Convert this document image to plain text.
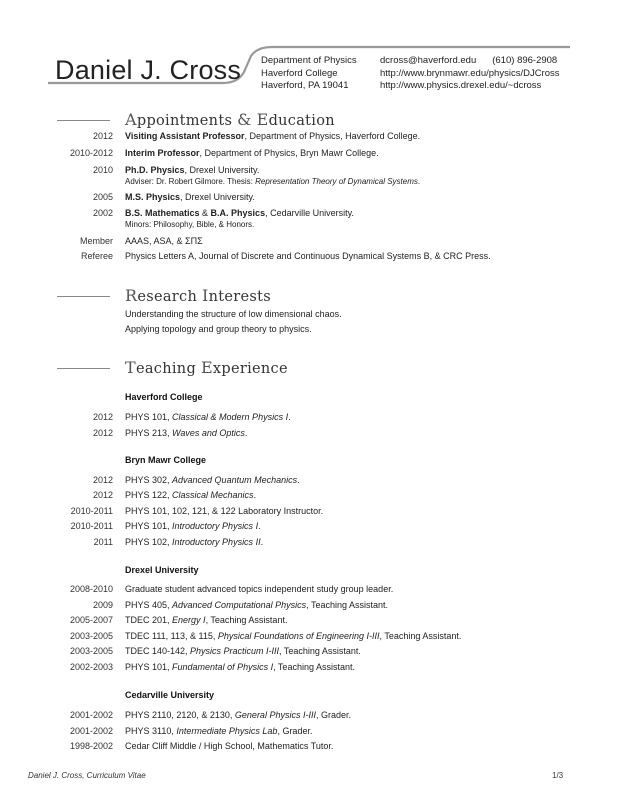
Daniel J. Cross Department of Physics
Haverford College
Haverford, PA 19041
dcross@haverford.edu (610) 896-2908
http://www.brynmawr.edu/physics/DJCross
http://www.physics.drexel.edu/~dcross
Appointments & Education
2012 Visiting Assistant Professor, Department of Physics, Haverford College.
2010-2012 Interim Professor, Department of Physics, Bryn Mawr College.
2010 Ph.D. Physics, Drexel University.
Adviser: Dr. Robert Gilmore. Thesis: Representation Theory of Dynamical Systems.
2005 M.S. Physics, Drexel University.
2002 B.S. Mathematics & B.A. Physics, Cedarville University.
Minors: Philosophy, Bible, & Honors.
Member AAAS, ASA, & ΣΠΣ
Referee Physics Letters A, Journal of Discrete and Continuous Dynamical Systems B, & CRC Press.
Research Interests
Understanding the structure of low dimensional chaos.
Applying topology and group theory to physics.
Teaching Experience
Haverford College
2012 PHYS 101, Classical & Modern Physics I.
2012 PHYS 213, Waves and Optics.
Bryn Mawr College
2012 PHYS 302, Advanced Quantum Mechanics.
2012 PHYS 122, Classical Mechanics.
2010-2011 PHYS 101, 102, 121, & 122 Laboratory Instructor.
2010-2011 PHYS 101, Introductory Physics I.
2011 PHYS 102, Introductory Physics II.
Drexel University
2008-2010 Graduate student advanced topics independent study group leader.
2009 PHYS 405, Advanced Computational Physics, Teaching Assistant.
2005-2007 TDEC 201, Energy I, Teaching Assistant.
2003-2005 TDEC 111, 113, & 115, Physical Foundations of Engineering I-III, Teaching Assistant.
2003-2005 TDEC 140-142, Physics Practicum I-III, Teaching Assistant.
2002-2003 PHYS 101, Fundamental of Physics I, Teaching Assistant.
Cedarville University
2001-2002 PHYS 2110, 2120, & 2130, General Physics I-III, Grader.
2001-2002 PHYS 3110, Intermediate Physics Lab, Grader.
1998-2002 Cedar Cliff Middle / High School, Mathematics Tutor.
Daniel J. Cross, Curriculum Vitae	1/3
